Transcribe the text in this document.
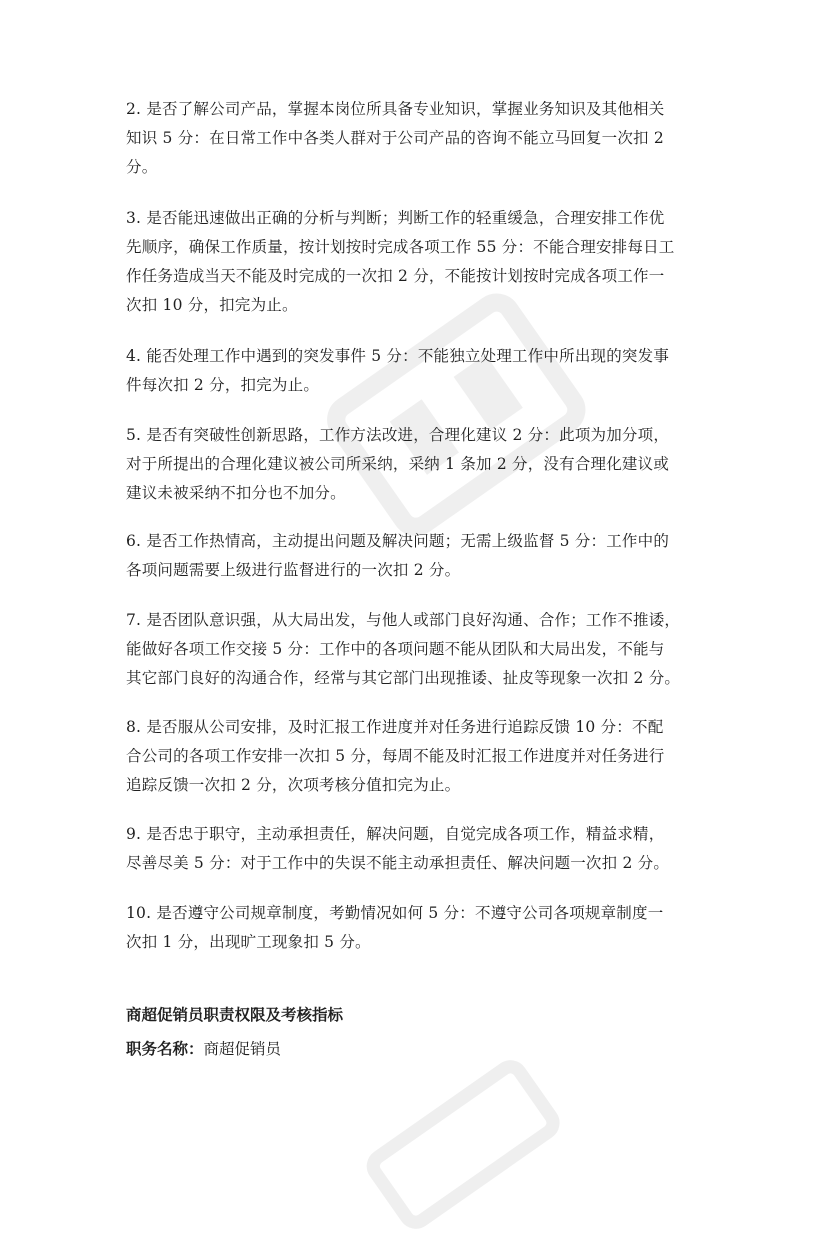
2. 是否了解公司产品，掌握本岗位所具备专业知识，掌握业务知识及其他相关
知识 5 分：在日常工作中各类人群对于公司产品的咨询不能立马回复一次扣 2
分。
3. 是否能迅速做出正确的分析与判断；判断工作的轻重缓急，合理安排工作优
先顺序，确保工作质量，按计划按时完成各项工作 55 分：不能合理安排每日工
作任务造成当天不能及时完成的一次扣 2 分，不能按计划按时完成各项工作一
次扣 10 分，扣完为止。
4. 能否处理工作中遇到的突发事件 5 分：不能独立处理工作中所出现的突发事
件每次扣 2 分，扣完为止。
5. 是否有突破性创新思路，工作方法改进，合理化建议 2 分：此项为加分项，
对于所提出的合理化建议被公司所采纳，采纳 1 条加 2 分，没有合理化建议或
建议未被采纳不扣分也不加分。
6. 是否工作热情高，主动提出问题及解决问题；无需上级监督 5 分：工作中的
各项问题需要上级进行监督进行的一次扣 2 分。
7. 是否团队意识强，从大局出发，与他人或部门良好沟通、合作；工作不推诿，
能做好各项工作交接 5 分：工作中的各项问题不能从团队和大局出发，不能与
其它部门良好的沟通合作，经常与其它部门出现推诿、扯皮等现象一次扣 2 分。
8. 是否服从公司安排，及时汇报工作进度并对任务进行追踪反馈 10 分：不配
合公司的各项工作安排一次扣 5 分，每周不能及时汇报工作进度并对任务进行
追踪反馈一次扣 2 分，次项考核分值扣完为止。
9. 是否忠于职守，主动承担责任，解决问题，自觉完成各项工作，精益求精，
尽善尽美 5 分：对于工作中的失误不能主动承担责任、解决问题一次扣 2 分。
10. 是否遵守公司规章制度，考勤情况如何 5 分：不遵守公司各项规章制度一
次扣 1 分，出现旷工现象扣 5 分。
商超促销员职责权限及考核指标
职务名称：商超促销员
